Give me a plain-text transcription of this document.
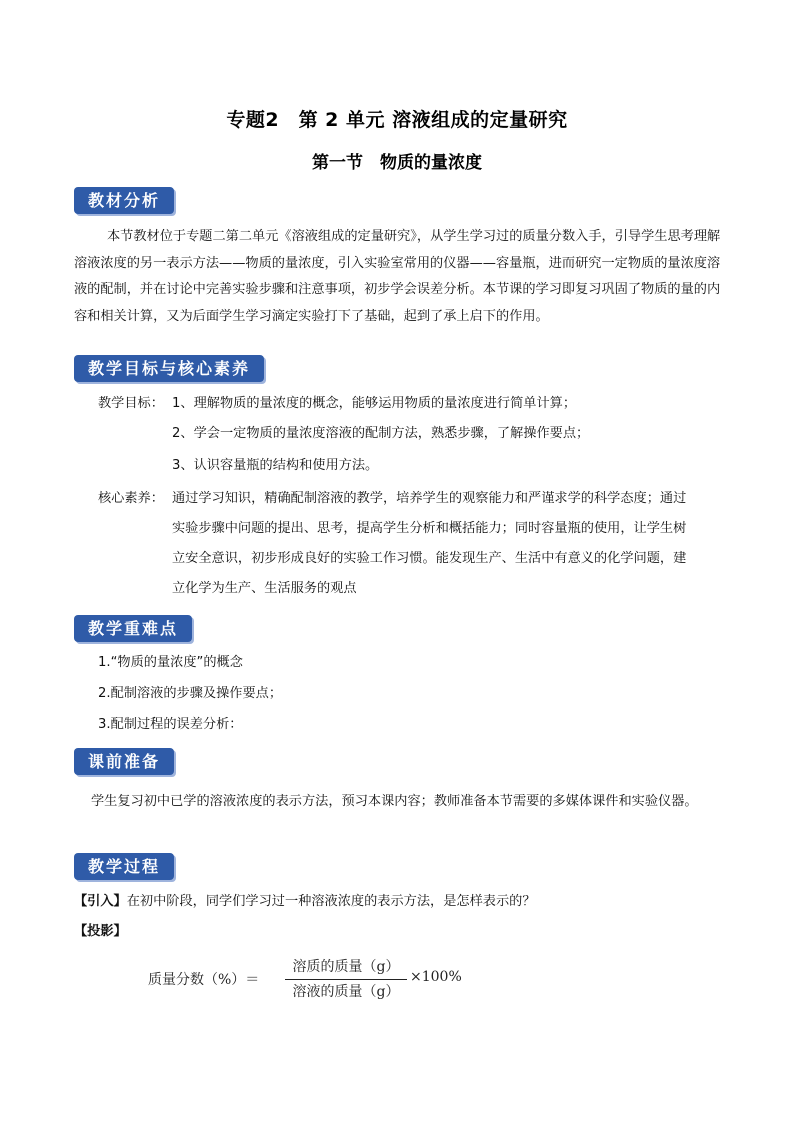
专题2　第 2 单元 溶液组成的定量研究
第一节　物质的量浓度
教材分析
本节教材位于专题二第二单元《溶液组成的定量研究》，从学生学习过的质量分数入手，引导学生思考理解溶液浓度的另一表示方法——物质的量浓度，引入实验室常用的仪器——容量瓶，进而研究一定物质的量浓度溶液的配制，并在讨论中完善实验步骤和注意事项，初步学会误差分析。本节课的学习即复习巩固了物质的量的内容和相关计算，又为后面学生学习滴定实验打下了基础，起到了承上启下的作用。
教学目标与核心素养
教学目标： 1、理解物质的量浓度的概念，能够运用物质的量浓度进行简单计算；
2、学会一定物质的量浓度溶液的配制方法，熟悉步骤，了解操作要点；
3、认识容量瓶的结构和使用方法。
核心素养： 通过学习知识，精确配制溶液的教学，培养学生的观察能力和严谨求学的科学态度；通过
实验步骤中问题的提出、思考，提高学生分析和概括能力；同时容量瓶的使用，让学生树
立安全意识，初步形成良好的实验工作习惯。能发现生产、生活中有意义的化学问题，建
立化学为生产、生活服务的观点
教学重难点
1.“物质的量浓度”的概念
2.配制溶液的步骤及操作要点；
3.配制过程的误差分析：
课前准备
学生复习初中已学的溶液浓度的表示方法，预习本课内容；教师准备本节需要的多媒体课件和实验仪器。
教学过程
【引入】在初中阶段，同学们学习过一种溶液浓度的表示方法，是怎样表示的？
【投影】
质量分数（%）＝
溶质的质量（g）
溶液的质量（g）
×100%
